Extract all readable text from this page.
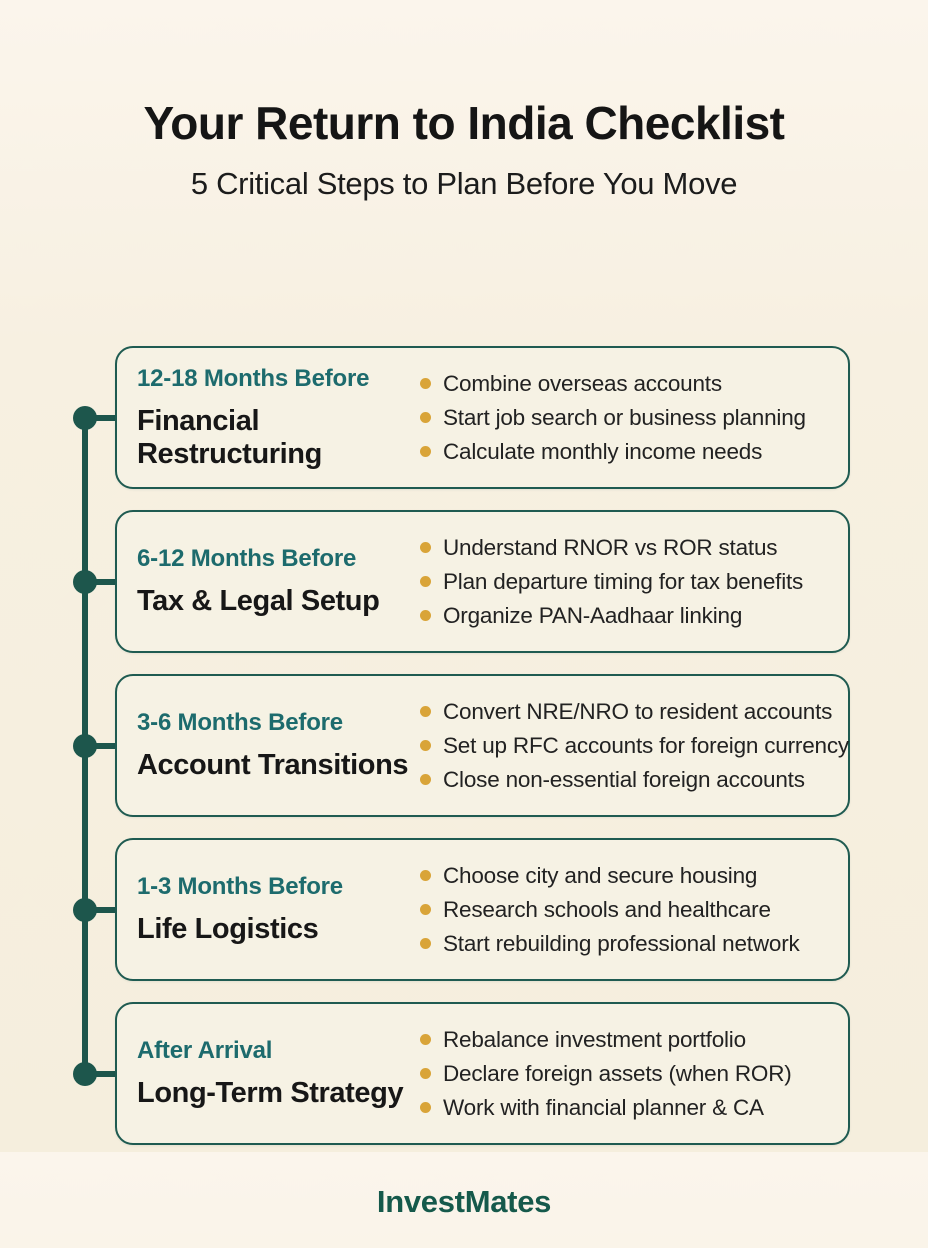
Your Return to India Checklist
5 Critical Steps to Plan Before You Move
12-18 Months Before
Financial Restructuring
Combine overseas accounts
Start job search or business planning
Calculate monthly income needs
6-12 Months Before
Tax & Legal Setup
Understand RNOR vs ROR status
Plan departure timing for tax benefits
Organize PAN-Aadhaar linking
3-6 Months Before
Account Transitions
Convert NRE/NRO to resident accounts
Set up RFC accounts for foreign currency
Close non-essential foreign accounts
1-3 Months Before
Life Logistics
Choose city and secure housing
Research schools and healthcare
Start rebuilding professional network
After Arrival
Long-Term Strategy
Rebalance investment portfolio
Declare foreign assets (when ROR)
Work with financial planner & CA
InvestMates
